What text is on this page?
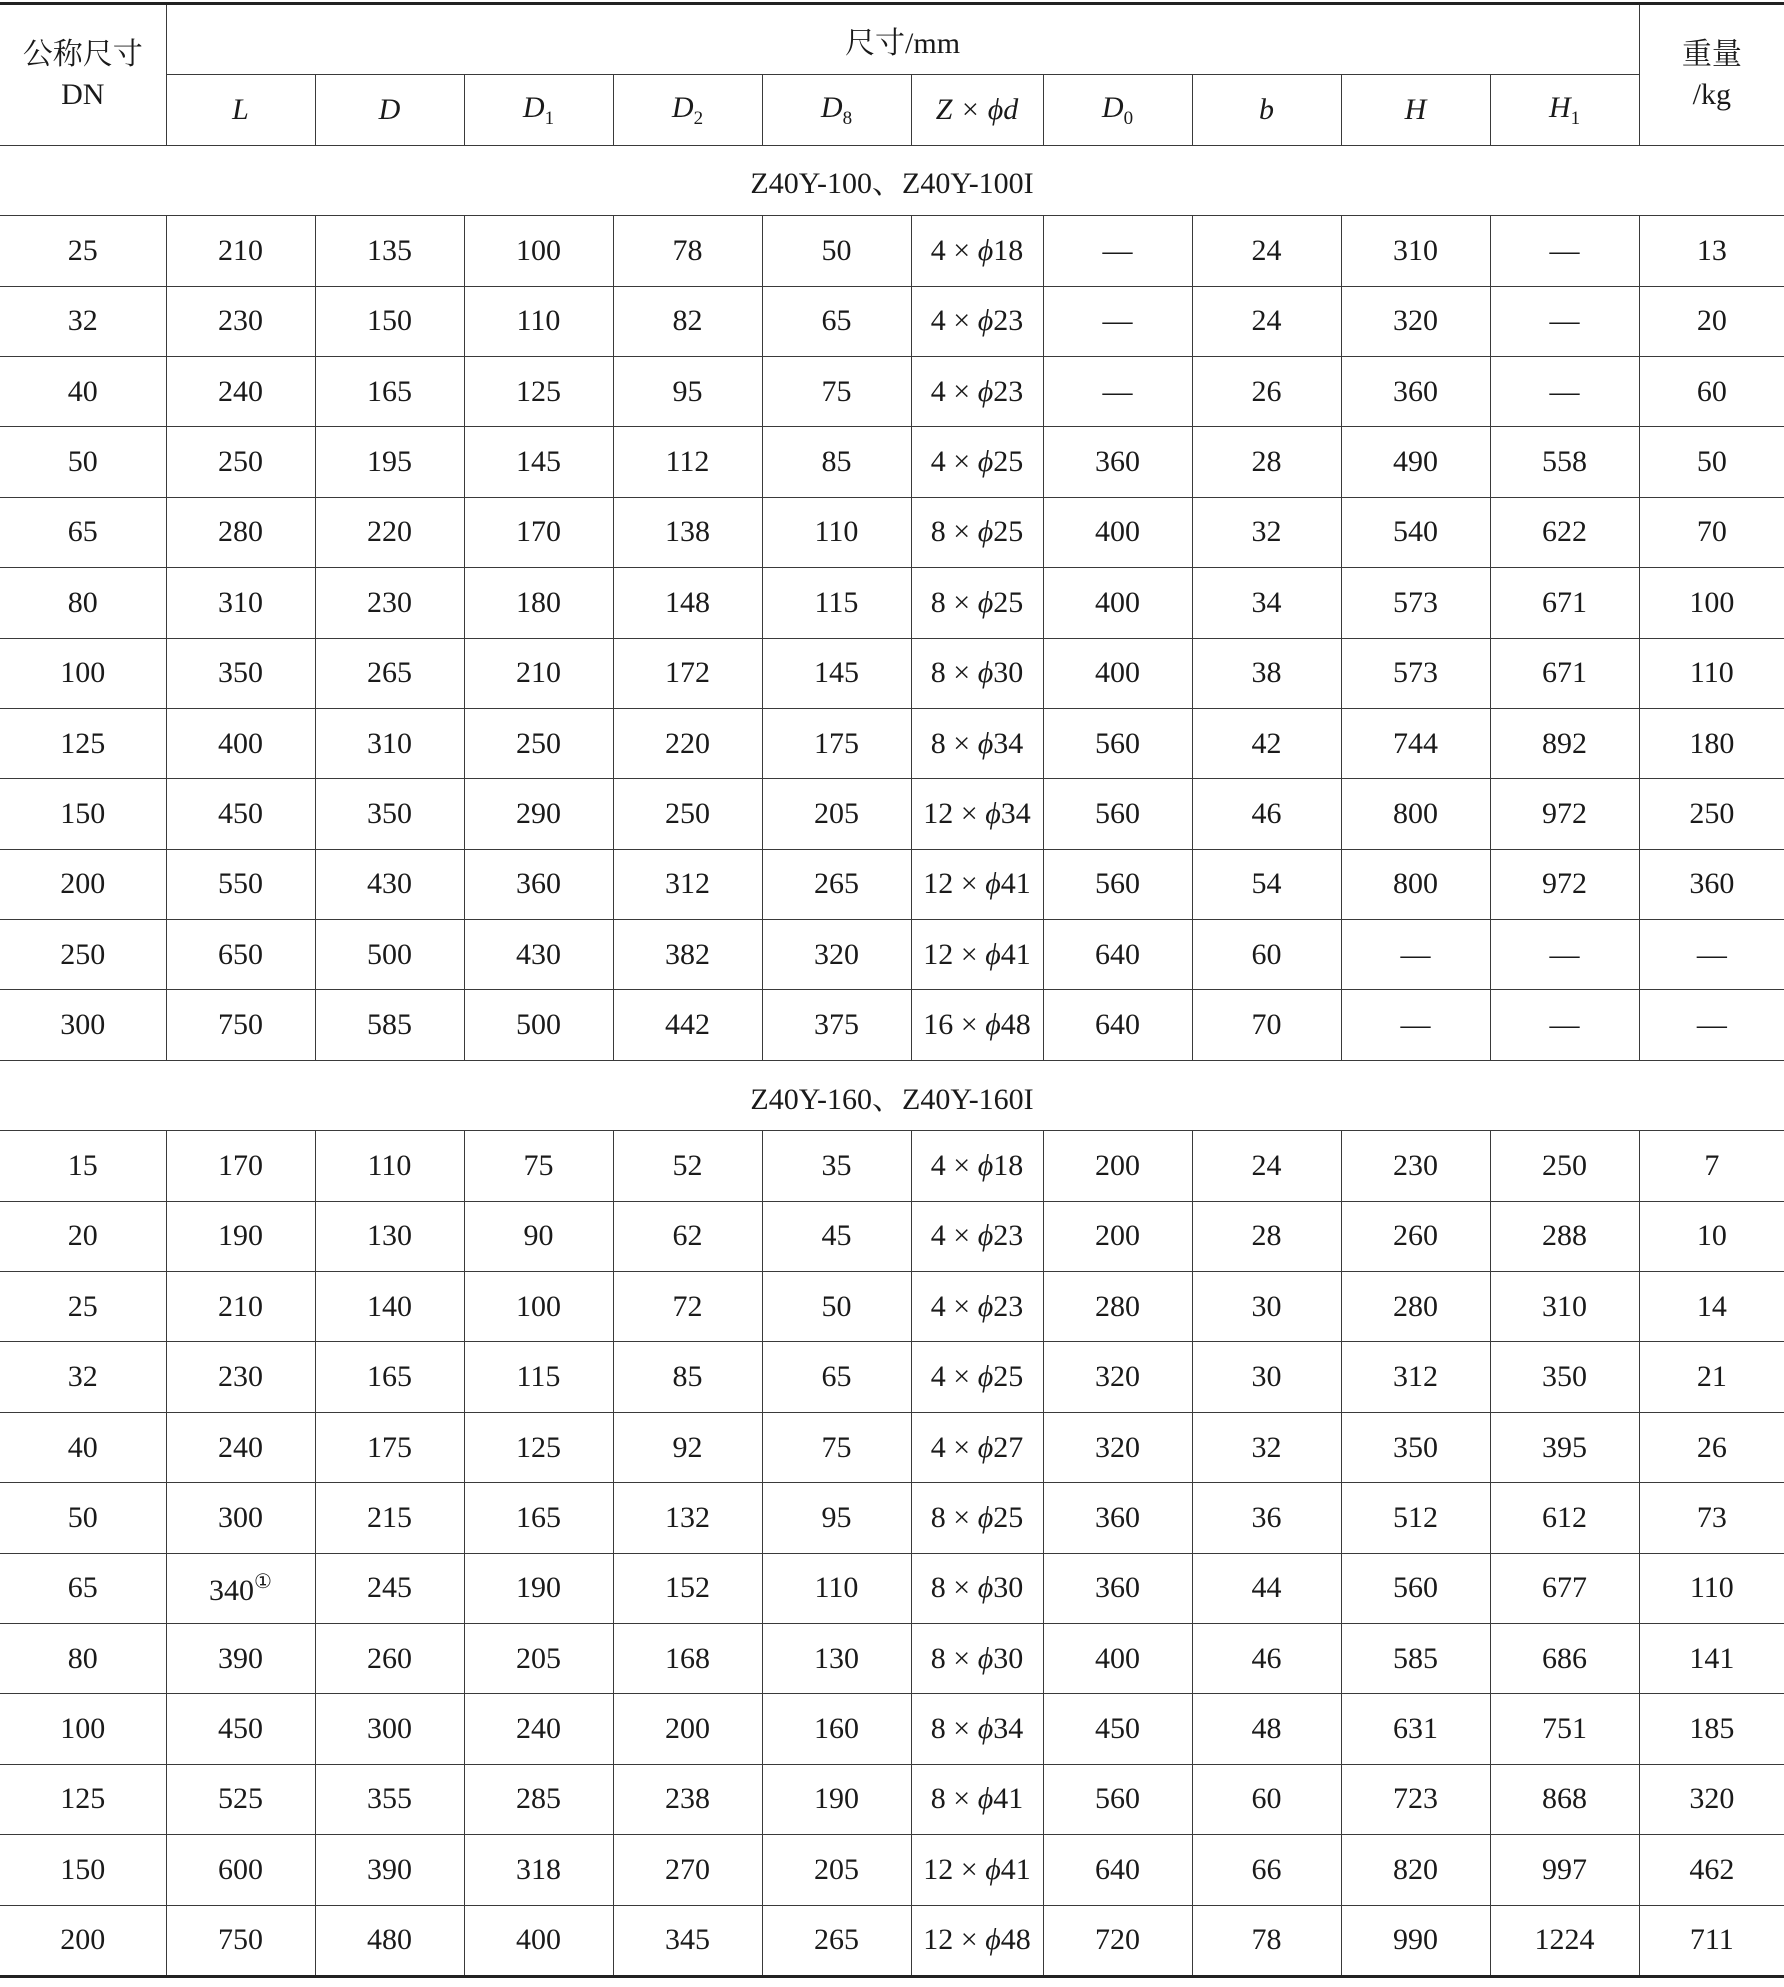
公称尺寸
DN	尺寸/mm										重量
/kg

	L	D	$D_1$	$D_2$	$D_8$	Z × ϕd	$D_0$	b	H	$H_1$
Z40Y-100、Z40Y-100I											
25	210	135	100	78	50	4 × ϕ18	—	24	310	—	13
32	230	150	110	82	65	4 × ϕ23	—	24	320	—	20
40	240	165	125	95	75	4 × ϕ23	—	26	360	—	60
50	250	195	145	112	85	4 × ϕ25	360	28	490	558	50
65	280	220	170	138	110	8 × ϕ25	400	32	540	622	70
80	310	230	180	148	115	8 × ϕ25	400	34	573	671	100
100	350	265	210	172	145	8 × ϕ30	400	38	573	671	110
125	400	310	250	220	175	8 × ϕ34	560	42	744	892	180
150	450	350	290	250	205	12 × ϕ34	560	46	800	972	250
200	550	430	360	312	265	12 × ϕ41	560	54	800	972	360
250	650	500	430	382	320	12 × ϕ41	640	60	—	—	—
300	750	585	500	442	375	16 × ϕ48	640	70	—	—	—
Z40Y-160、Z40Y-160I											
15	170	110	75	52	35	4 × ϕ18	200	24	230	250	7
20	190	130	90	62	45	4 × ϕ23	200	28	260	288	10
25	210	140	100	72	50	4 × ϕ23	280	30	280	310	14
32	230	165	115	85	65	4 × ϕ25	320	30	312	350	21
40	240	175	125	92	75	4 × ϕ27	320	32	350	395	26
50	300	215	165	132	95	8 × ϕ25	360	36	512	612	73
65	340①	245	190	152	110	8 × ϕ30	360	44	560	677	110
80	390	260	205	168	130	8 × ϕ30	400	46	585	686	141
100	450	300	240	200	160	8 × ϕ34	450	48	631	751	185
125	525	355	285	238	190	8 × ϕ41	560	60	723	868	320
150	600	390	318	270	205	12 × ϕ41	640	66	820	997	462
200	750	480	400	345	265	12 × ϕ48	720	78	990	1224	711
